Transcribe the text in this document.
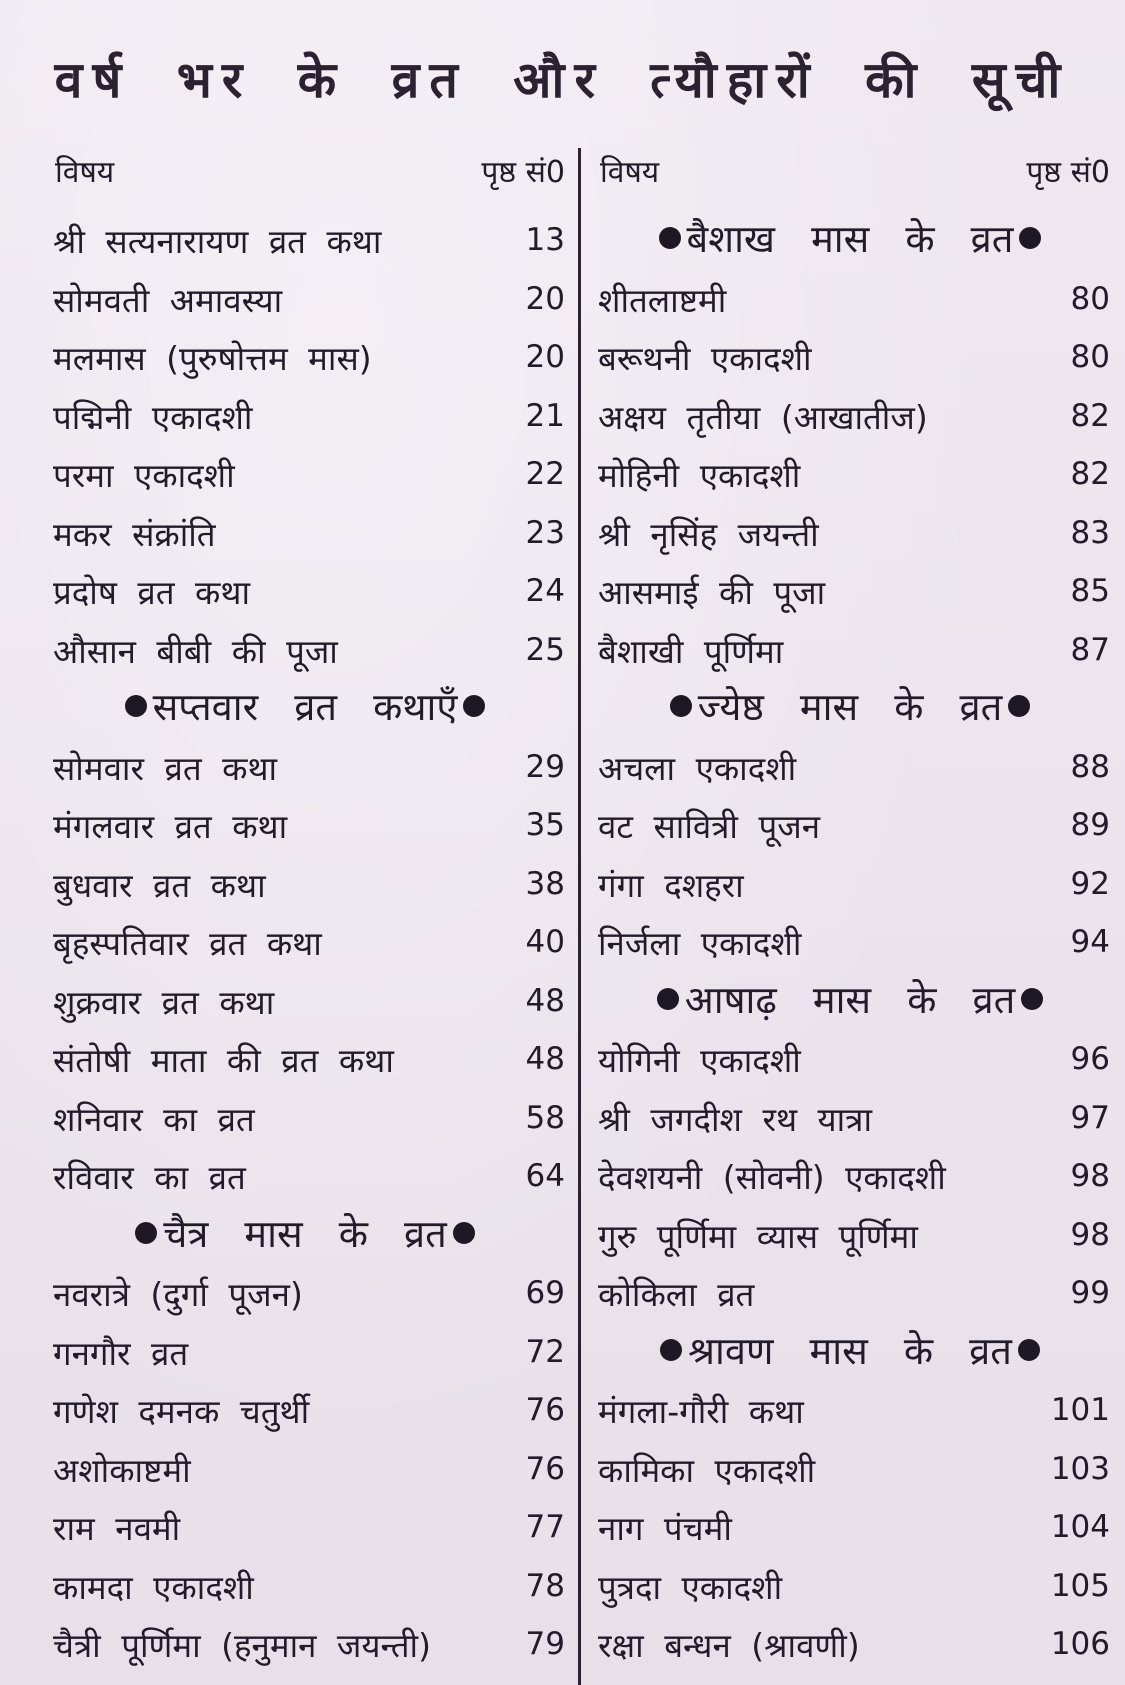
वर्ष भर के व्रत और त्यौहारों की सूची
विषय	पृष्ठ सं0
श्री सत्यनारायण व्रत कथा	13
सोमवती अमावस्या	20
मलमास (पुरुषोत्तम मास)	20
पद्मिनी एकादशी	21
परमा एकादशी	22
मकर संक्रांति	23
प्रदोष व्रत कथा	24
औसान बीबी की पूजा	25
सप्तवार व्रत कथाएँ
सोमवार व्रत कथा	29
मंगलवार व्रत कथा	35
बुधवार व्रत कथा	38
बृहस्पतिवार व्रत कथा	40
शुक्रवार व्रत कथा	48
संतोषी माता की व्रत कथा	48
शनिवार का व्रत	58
रविवार का व्रत	64
चैत्र मास के व्रत
नवरात्रे (दुर्गा पूजन)	69
गनगौर व्रत	72
गणेश दमनक चतुर्थी	76
अशोकाष्टमी	76
राम नवमी	77
कामदा एकादशी	78
चैत्री पूर्णिमा (हनुमान जयन्ती)	79
विषय	पृष्ठ सं0
बैशाख मास के व्रत
शीतलाष्टमी	80
बरूथनी एकादशी	80
अक्षय तृतीया (आखातीज)	82
मोहिनी एकादशी	82
श्री नृसिंह जयन्ती	83
आसमाई की पूजा	85
बैशाखी पूर्णिमा	87
ज्येष्ठ मास के व्रत
अचला एकादशी	88
वट सावित्री पूजन	89
गंगा दशहरा	92
निर्जला एकादशी	94
आषाढ़ मास के व्रत
योगिनी एकादशी	96
श्री जगदीश रथ यात्रा	97
देवशयनी (सोवनी) एकादशी	98
गुरु पूर्णिमा व्यास पूर्णिमा	98
कोकिला व्रत	99
श्रावण मास के व्रत
मंगला-गौरी कथा	101
कामिका एकादशी	103
नाग पंचमी	104
पुत्रदा एकादशी	105
रक्षा बन्धन (श्रावणी)	106
